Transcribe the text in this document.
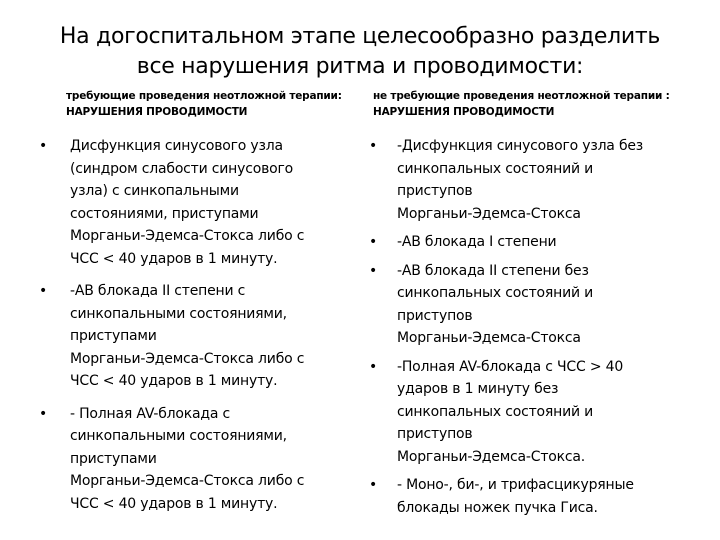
На догоспитальном этапе целесообразно разделить все нарушения ритма и проводимости:
требующие проведения неотложной терапии:
НАРУШЕНИЯ ПРОВОДИМОСТИ
не требующие проведения неотложной терапии :
НАРУШЕНИЯ ПРОВОДИМОСТИ
• Дисфункция синусового узла
(синдром слабости синусового
узла) с синкопальными
состояниями, приступами
Морганьи-Эдемса-Стокса либо с
ЧСС < 40 ударов в 1 минуту.
• -АВ блокада II степени с
синкопальными состояниями,
приступами
Морганьи-Эдемса-Стокса либо с
ЧСС < 40 ударов в 1 минуту.
• - Полная AV-блокада с
синкопальными состояниями,
приступами
Морганьи-Эдемса-Стокса либо с
ЧСС < 40 ударов в 1 минуту.
• -Дисфункция синусового узла без
синкопальных состояний и
приступов
Морганьи-Эдемса-Стокса
• -АВ блокада I степени
• -АВ блокада II степени без
синкопальных состояний и
приступов
Морганьи-Эдемса-Стокса
• -Полная AV-блокада с ЧСС > 40
ударов в 1 минуту без
синкопальных состояний и
приступов
Морганьи-Эдемса-Стокса.
• - Моно-, би-, и трифасцикуряные
блокады ножек пучка Гиса.
